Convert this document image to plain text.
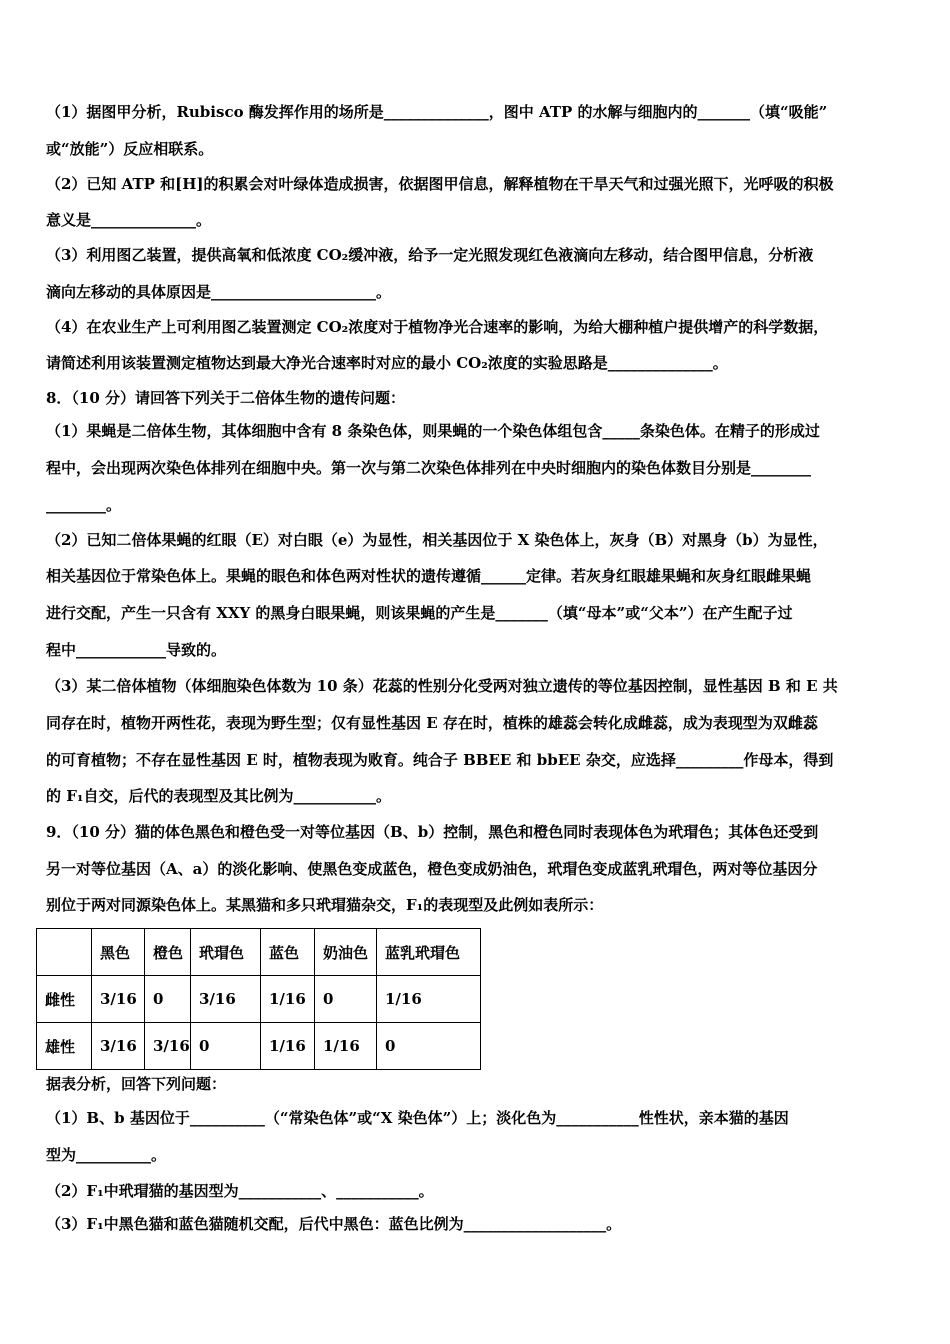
（1）据图甲分析，Rubisco 酶发挥作用的场所是______________，图中 ATP 的水解与细胞内的_______（填“吸能”
或“放能”）反应相联系。
（2）已知 ATP 和[H]的积累会对叶绿体造成损害，依据图甲信息，解释植物在干旱天气和过强光照下，光呼吸的积极
意义是______________。
（3）利用图乙装置，提供高氧和低浓度 CO₂缓冲液，给予一定光照发现红色液滴向左移动，结合图甲信息，分析液
滴向左移动的具体原因是______________________。
（4）在农业生产上可利用图乙装置测定 CO₂浓度对于植物净光合速率的影响，为给大棚种植户提供增产的科学数据，
请简述利用该装置测定植物达到最大净光合速率时对应的最小 CO₂浓度的实验思路是______________。
8．（10 分）请回答下列关于二倍体生物的遗传问题：
（1）果蝇是二倍体生物，其体细胞中含有 8 条染色体，则果蝇的一个染色体组包含_____条染色体。在精子的形成过
程中，会出现两次染色体排列在细胞中央。第一次与第二次染色体排列在中央时细胞内的染色体数目分别是________
________。
（2）已知二倍体果蝇的红眼（E）对白眼（e）为显性，相关基因位于 X 染色体上，灰身（B）对黑身（b）为显性，
相关基因位于常染色体上。果蝇的眼色和体色两对性状的遗传遵循______定律。若灰身红眼雄果蝇和灰身红眼雌果蝇
进行交配，产生一只含有 XXY 的黑身白眼果蝇，则该果蝇的产生是_______（填“母本”或“父本”）在产生配子过
程中____________导致的。
（3）某二倍体植物（体细胞染色体数为 10 条）花蕊的性别分化受两对独立遗传的等位基因控制，显性基因 B 和 E 共
同存在时，植物开两性花，表现为野生型；仅有显性基因 E 存在时，植株的雄蕊会转化成雌蕊，成为表现型为双雌蕊
的可育植物；不存在显性基因 E 时，植物表现为败育。纯合子 BBEE 和 bbEE 杂交，应选择_________作母本，得到
的 F₁自交，后代的表现型及其比例为___________。
9．（10 分）猫的体色黑色和橙色受一对等位基因（B、b）控制，黑色和橙色同时表现体色为玳瑁色；其体色还受到
另一对等位基因（A、a）的淡化影响、使黑色变成蓝色，橙色变成奶油色，玳瑁色变成蓝乳玳瑁色，两对等位基因分
别位于两对同源染色体上。某黑猫和多只玳瑁猫杂交，F₁的表现型及此例如表所示：
	黑色	橙色	玳瑁色	蓝色	奶油色	蓝乳玳瑁色
雌性	3/16	0	3/16	1/16	0	1/16
雄性	3/16	3/16	0	1/16	1/16	0
据表分析，回答下列问题：
（1）B、b 基因位于__________（“常染色体”或“X 染色体”）上；淡化色为___________性性状，亲本猫的基因
型为__________。
（2）F₁中玳瑁猫的基因型为___________、___________。
（3）F₁中黑色猫和蓝色猫随机交配，后代中黑色：蓝色比例为___________________。
